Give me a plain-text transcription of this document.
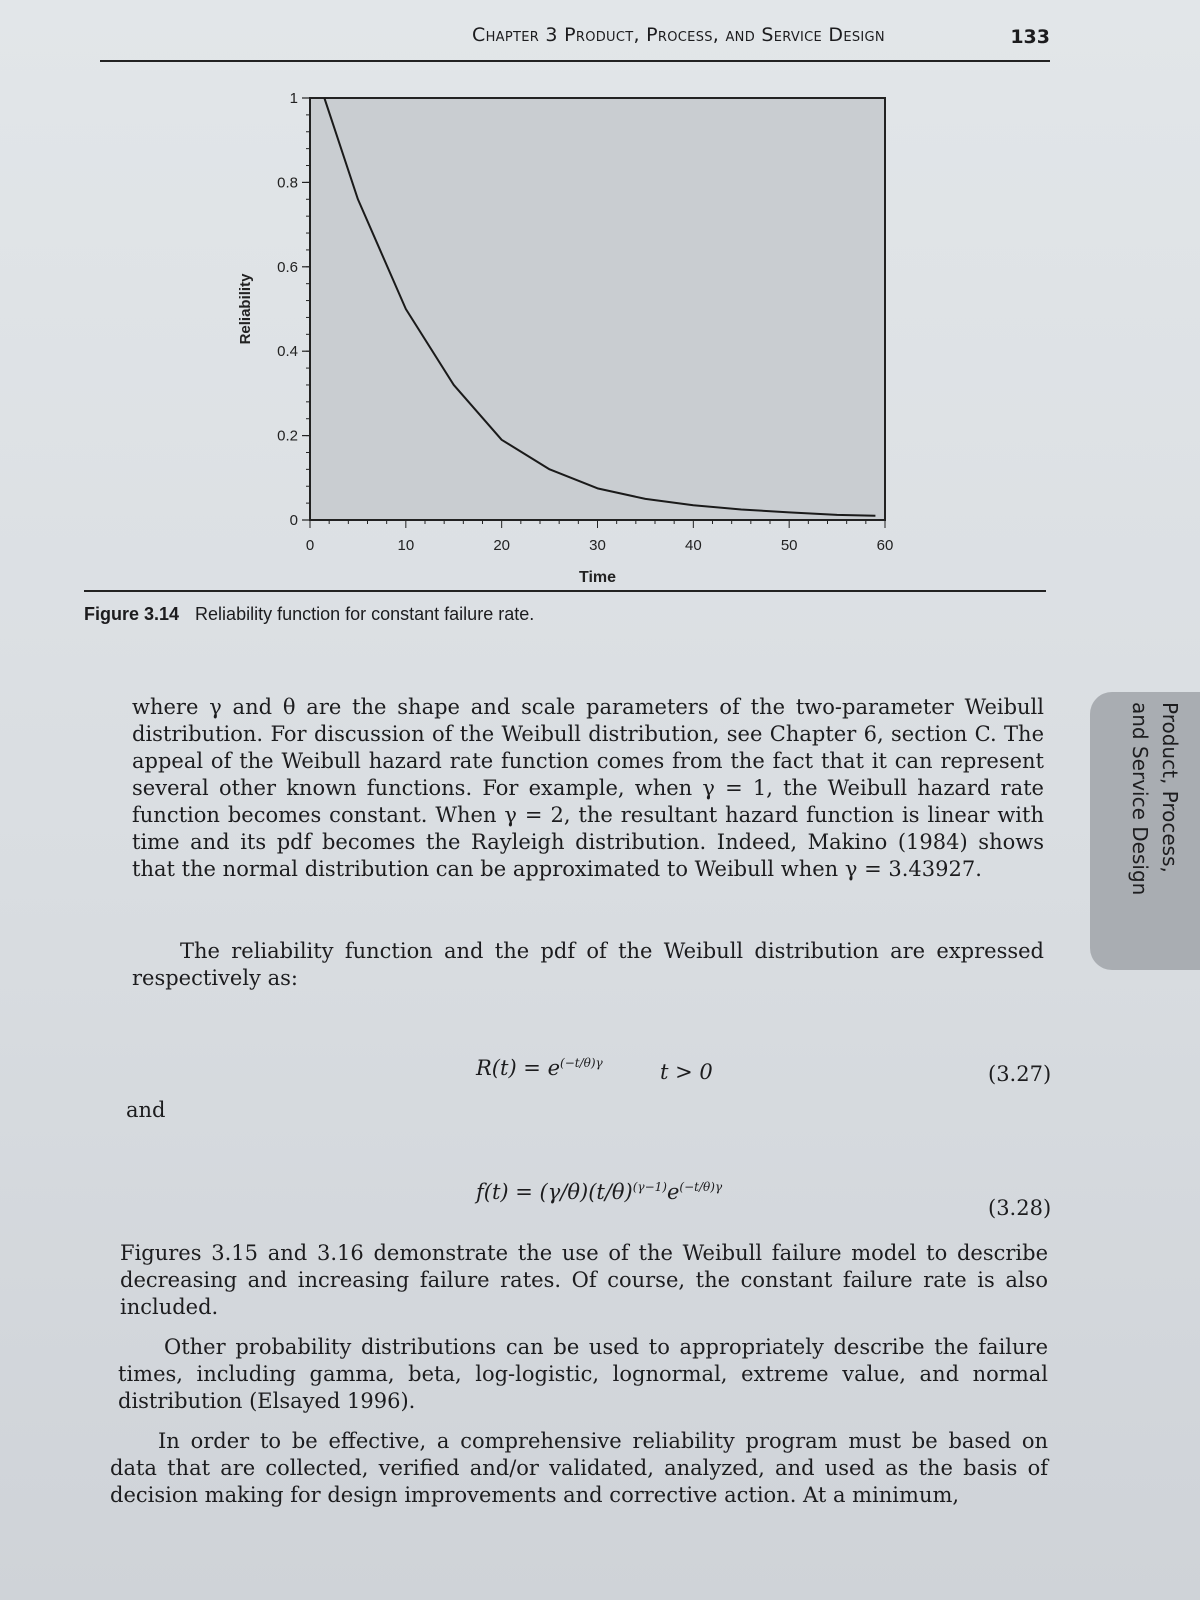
Chapter 3 Product, Process, and Service Design	133
0	10	20	30	40	50	60
0
0.2
0.4
0.6
0.8
1
Time
Reliability
Figure 3.14 Reliability function for constant failure rate.
where γ and θ are the shape and scale parameters of the two-parameter Weibull distribution. For discussion of the Weibull distribution, see Chapter 6, section C. The appeal of the Weibull hazard rate function comes from the fact that it can represent several other known functions. For example, when γ = 1, the Weibull hazard rate function becomes constant. When γ = 2, the resultant hazard function is linear with time and its pdf becomes the Rayleigh distribution. Indeed, Makino (1984) shows that the normal distribution can be approximated to Weibull when γ = 3.43927.
The reliability function and the pdf of the Weibull distribution are expressed respectively as:
$R(t) = e^{(-t/\theta)\gamma}$	t > 0	(3.27)
and
$f(t) = (\gamma/\theta)(t/\theta)^{(\gamma-1)}e^{(-t/\theta)\gamma}$
(3.28)
Figures 3.15 and 3.16 demonstrate the use of the Weibull failure model to describe decreasing and increasing failure rates. Of course, the constant failure rate is also included.
Other probability distributions can be used to appropriately describe the failure times, including gamma, beta, log-logistic, lognormal, extreme value, and normal distribution (Elsayed 1996).
In order to be effective, a comprehensive reliability program must be based on data that are collected, verified and/or validated, analyzed, and used as the basis of decision making for design improvements and corrective action. At a minimum,
Product, Process,
and Service Design
